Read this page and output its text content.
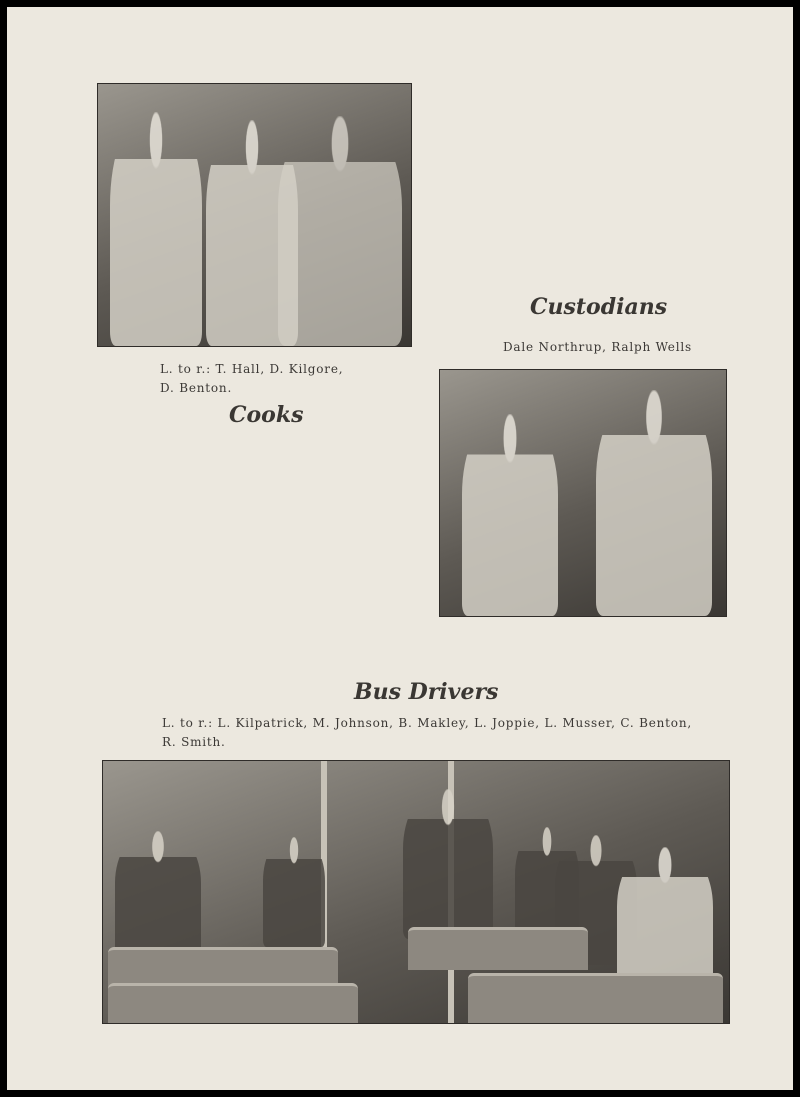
L. to r.: T. Hall, D. Kilgore,

D. Benton.

Cooks
Custodians

Dale Northrup, Ralph Wells

Bus Drivers

L. to r.: L. Kilpatrick, M. Johnson, B. Makley, L. Joppie, L. Musser, C. Benton,

R. Smith.
